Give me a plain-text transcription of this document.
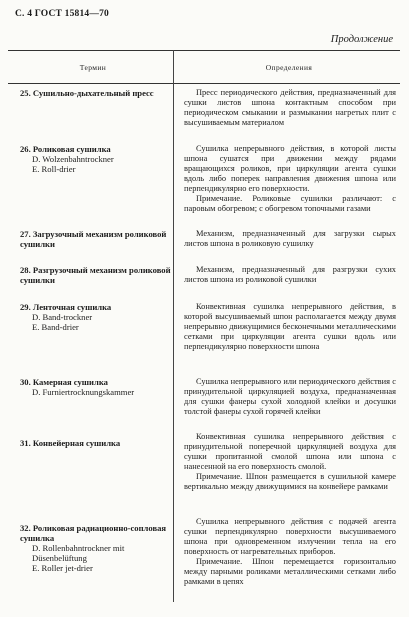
С. 4 ГОСТ 15814—70
Продолжение
Термин	Определения
25. Сушильно-дыхательный пресс	Пресс периодического действия, предназначенный для сушки листов шпона контактным способом при периодическом смыкании и размыкании нагретых плит с высушиваемым материалом

26. Роликовая сушилка
D. Wolzenbahntrockner
E. Roll-drier

Сушилка непрерывного действия, в которой листы шпона сушатся при движении между рядами вращающихся роликов, при циркуляции агента сушки вдоль либо поперек направления движения шпона или перпендикулярно его поверхности.

Примечание. Роликовые сушилки различают: с паровым обогревом; с обогревом топочными газами

27. Загрузочный механизм роликовой сушилки

Механизм, предназначенный для загрузки сырых листов шпона в роликовую сушилку

28. Разгрузочный механизм роликовой сушилки

Механизм, предназначенный для разгрузки сухих листов шпона из роликовой сушилки

29. Ленточная сушилка
D. Band-trockner
E. Band-drier

Конвективная сушилка непрерывного действия, в которой высушиваемый шпон располагается между двумя непрерывно движущимися бесконечными металлическими сетками при циркуляции агента сушки вдоль или перпендикулярно поверхности шпона

30. Камерная сушилка
D. Furniertrocknungskammer

Сушилка непрерывного или периодического действия с принудительной циркуляцией воздуха, предназначенная для сушки фанеры сухой холодной клейки и досушки толстой фанеры сухой горячей клейки

31. Конвейерная сушилка

Конвективная сушилка непрерывного действия с принудительной поперечной циркуляцией воздуха для сушки пропитанной смолой шпона или шпона с нанесенной на его поверхность смолой.

Примечание. Шпон размещается в сушильной камере вертикально между движущимися на конвейере рамками

32. Роликовая радиационно-сопловая сушилка
D. Rollenbahntrockner mit Düsenbelüftung
E. Roller jet-drier

Сушилка непрерывного действия с подачей агента сушки перпендикулярно поверхности высушиваемого шпона при одновременном излучении тепла на его поверхность от нагревательных приборов.

Примечание. Шпон перемещается горизонтально между парными роликами металлическими сетками либо рамками в цепях
